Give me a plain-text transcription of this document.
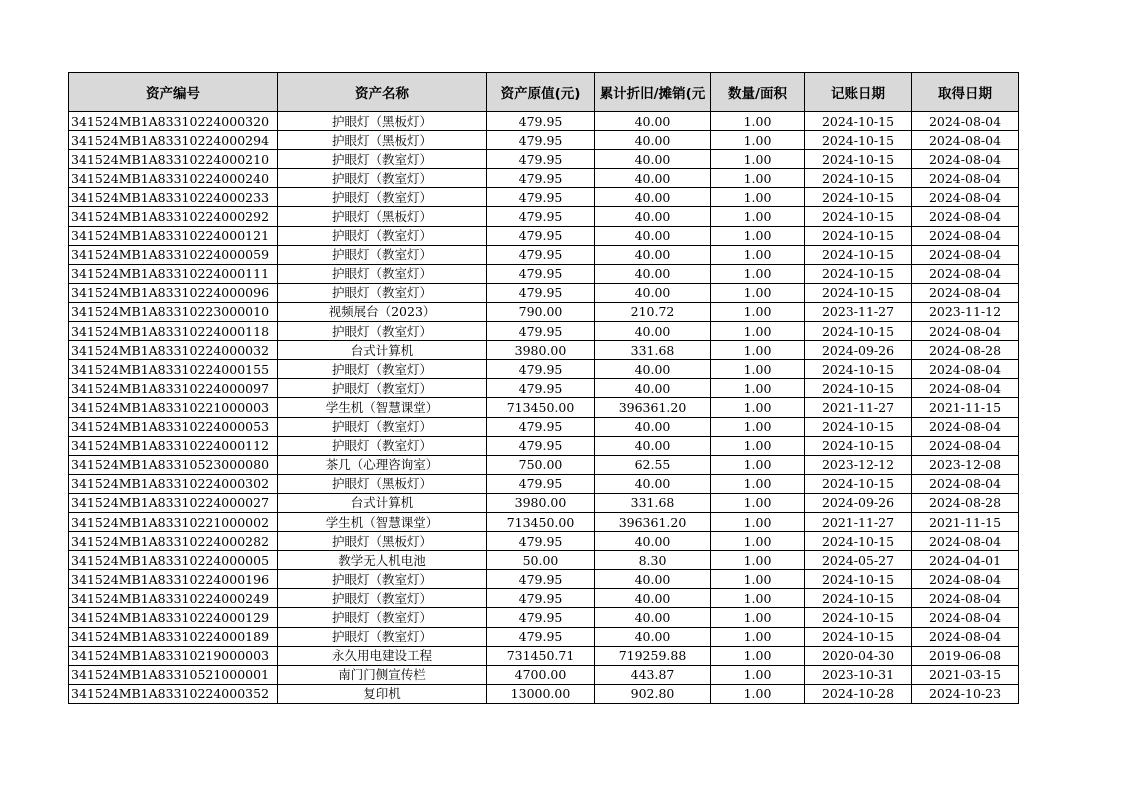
资产编号	资产名称	资产原值(元)	累计折旧/摊销(元	数量/面积	记账日期	取得日期
341524MB1A83310224000320	护眼灯（黑板灯）	479.95	40.00	1.00	2024-10-15	2024-08-04
341524MB1A83310224000294	护眼灯（黑板灯）	479.95	40.00	1.00	2024-10-15	2024-08-04
341524MB1A83310224000210	护眼灯（教室灯）	479.95	40.00	1.00	2024-10-15	2024-08-04
341524MB1A83310224000240	护眼灯（教室灯）	479.95	40.00	1.00	2024-10-15	2024-08-04
341524MB1A83310224000233	护眼灯（教室灯）	479.95	40.00	1.00	2024-10-15	2024-08-04
341524MB1A83310224000292	护眼灯（黑板灯）	479.95	40.00	1.00	2024-10-15	2024-08-04
341524MB1A83310224000121	护眼灯（教室灯）	479.95	40.00	1.00	2024-10-15	2024-08-04
341524MB1A83310224000059	护眼灯（教室灯）	479.95	40.00	1.00	2024-10-15	2024-08-04
341524MB1A83310224000111	护眼灯（教室灯）	479.95	40.00	1.00	2024-10-15	2024-08-04
341524MB1A83310224000096	护眼灯（教室灯）	479.95	40.00	1.00	2024-10-15	2024-08-04
341524MB1A83310223000010	视频展台（2023）	790.00	210.72	1.00	2023-11-27	2023-11-12
341524MB1A83310224000118	护眼灯（教室灯）	479.95	40.00	1.00	2024-10-15	2024-08-04
341524MB1A83310224000032	台式计算机	3980.00	331.68	1.00	2024-09-26	2024-08-28
341524MB1A83310224000155	护眼灯（教室灯）	479.95	40.00	1.00	2024-10-15	2024-08-04
341524MB1A83310224000097	护眼灯（教室灯）	479.95	40.00	1.00	2024-10-15	2024-08-04
341524MB1A83310221000003	学生机（智慧课堂）	713450.00	396361.20	1.00	2021-11-27	2021-11-15
341524MB1A83310224000053	护眼灯（教室灯）	479.95	40.00	1.00	2024-10-15	2024-08-04
341524MB1A83310224000112	护眼灯（教室灯）	479.95	40.00	1.00	2024-10-15	2024-08-04
341524MB1A83310523000080	茶几（心理咨询室）	750.00	62.55	1.00	2023-12-12	2023-12-08
341524MB1A83310224000302	护眼灯（黑板灯）	479.95	40.00	1.00	2024-10-15	2024-08-04
341524MB1A83310224000027	台式计算机	3980.00	331.68	1.00	2024-09-26	2024-08-28
341524MB1A83310221000002	学生机（智慧课堂）	713450.00	396361.20	1.00	2021-11-27	2021-11-15
341524MB1A83310224000282	护眼灯（黑板灯）	479.95	40.00	1.00	2024-10-15	2024-08-04
341524MB1A83310224000005	教学无人机电池	50.00	8.30	1.00	2024-05-27	2024-04-01
341524MB1A83310224000196	护眼灯（教室灯）	479.95	40.00	1.00	2024-10-15	2024-08-04
341524MB1A83310224000249	护眼灯（教室灯）	479.95	40.00	1.00	2024-10-15	2024-08-04
341524MB1A83310224000129	护眼灯（教室灯）	479.95	40.00	1.00	2024-10-15	2024-08-04
341524MB1A83310224000189	护眼灯（教室灯）	479.95	40.00	1.00	2024-10-15	2024-08-04
341524MB1A83310219000003	永久用电建设工程	731450.71	719259.88	1.00	2020-04-30	2019-06-08
341524MB1A83310521000001	南门门侧宣传栏	4700.00	443.87	1.00	2023-10-31	2021-03-15
341524MB1A83310224000352	复印机	13000.00	902.80	1.00	2024-10-28	2024-10-23
